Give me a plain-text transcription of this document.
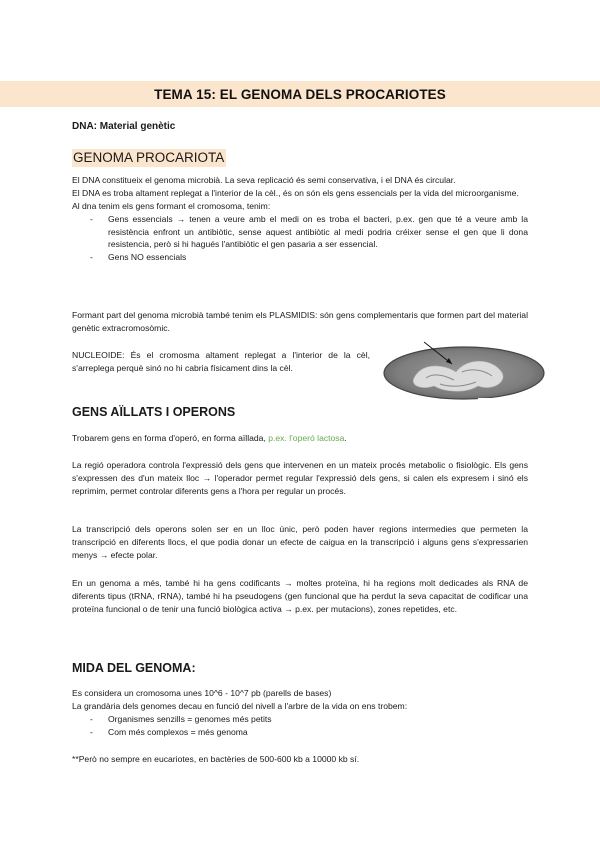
TEMA 15: EL GENOMA DELS PROCARIOTES
DNA: Material genètic
GENOMA PROCARIOTA
El DNA constitueix el genoma microbià. La seva replicació és semi conservativa, i el DNA és circular.
El DNA es troba altament replegat a l'interior de la cèl., és on són els gens essencials per la vida del microorganisme.
Al dna tenim els gens formant el cromosoma, tenim:
- Gens essencials → tenen a veure amb el medi on es troba el bacteri, p.ex. gen que té a veure amb la resistència enfront un antibiòtic, sense aquest antibiòtic al medi podria créixer sense el gen que li dona resistencia, però si hi hagués l'antibiòtic el gen pasaria a ser essencial.
- Gens NO essencials
Formant part del genoma microbià també tenim els PLASMIDIS: són gens complementaris que formen part del material genètic extracromosòmic.
NUCLEOIDE: És el cromosma altament replegat a l'interior de la cèl, s'arreplega perquè sinó no hi cabria físicament dins la cèl.
GENS AÏLLATS I OPERONS
Trobarem gens en forma d'operó, en forma aïllada, p.ex. l'operó lactosa.
La regió operadora controla l'expressió dels gens que intervenen en un mateix procés metabolic o fisiològic. Els gens s'expressen des d'un mateix lloc → l'operador permet regular l'expressió dels gens, si calen els expresem i sinó els reprimim, permet controlar diferents gens a l'hora per regular un procés.
La transcripció dels operons solen ser en un lloc únic, però poden haver regions intermedies que permeten la transcripció en diferents llocs, el que podia donar un efecte de caigua en la transcripció i alguns gens s'expressarien menys → efecte polar.
En un genoma a més, també hi ha gens codificants → moltes proteïna, hi ha regions molt dedicades als RNA de diferents tipus (tRNA, rRNA), també hi ha pseudogens (gen funcional que ha perdut la seva capacitat de codificar una proteïna funcional o de tenir una funció biològica activa → p.ex. per mutacions), zones repetides, etc.
MIDA DEL GENOMA:
Es considera un cromosoma unes 10^6 - 10^7 pb (parells de bases)
La grandària dels genomes decau en funció del nivell a l'arbre de la vida on ens trobem:
- Organismes senzills = genomes més petits
- Com més complexos = més genoma
**Però no sempre en eucariotes, en bactèries de 500-600 kb a 10000 kb sí.
